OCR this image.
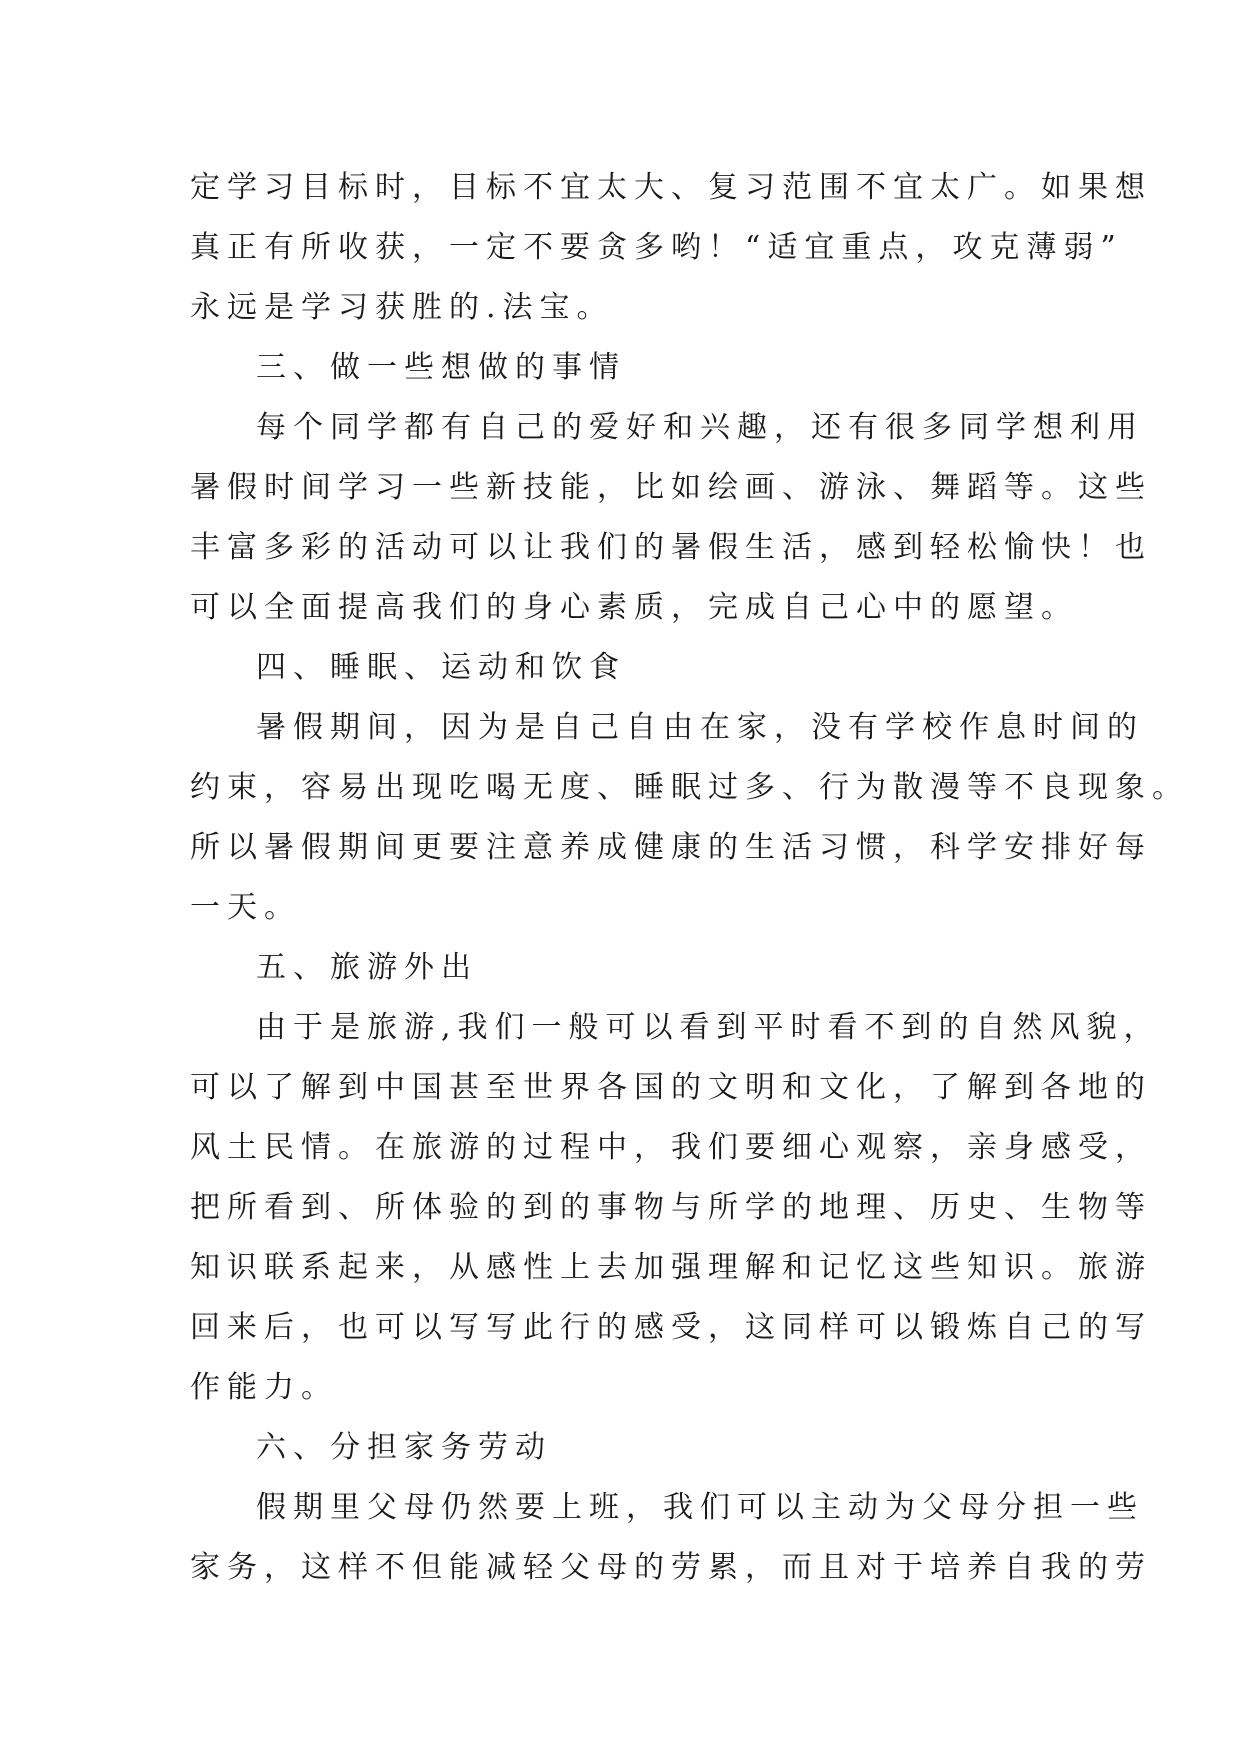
定学习目标时，目标不宜太大、复习范围不宜太广。如果想
真正有所收获，一定不要贪多哟！“适宜重点，攻克薄弱”
永远是学习获胜的.法宝。
三、做一些想做的事情
每个同学都有自己的爱好和兴趣，还有很多同学想利用
暑假时间学习一些新技能，比如绘画、游泳、舞蹈等。这些
丰富多彩的活动可以让我们的暑假生活，感到轻松愉快！也
可以全面提高我们的身心素质，完成自己心中的愿望。
四、睡眠、运动和饮食
暑假期间，因为是自己自由在家，没有学校作息时间的
约束，容易出现吃喝无度、睡眠过多、行为散漫等不良现象。
所以暑假期间更要注意养成健康的生活习惯，科学安排好每
一天。
五、旅游外出
由于是旅游,我们一般可以看到平时看不到的自然风貌，
可以了解到中国甚至世界各国的文明和文化，了解到各地的
风土民情。在旅游的过程中，我们要细心观察，亲身感受，
把所看到、所体验的到的事物与所学的地理、历史、生物等
知识联系起来，从感性上去加强理解和记忆这些知识。旅游
回来后，也可以写写此行的感受，这同样可以锻炼自己的写
作能力。
六、分担家务劳动
假期里父母仍然要上班，我们可以主动为父母分担一些
家务，这样不但能减轻父母的劳累，而且对于培养自我的劳
